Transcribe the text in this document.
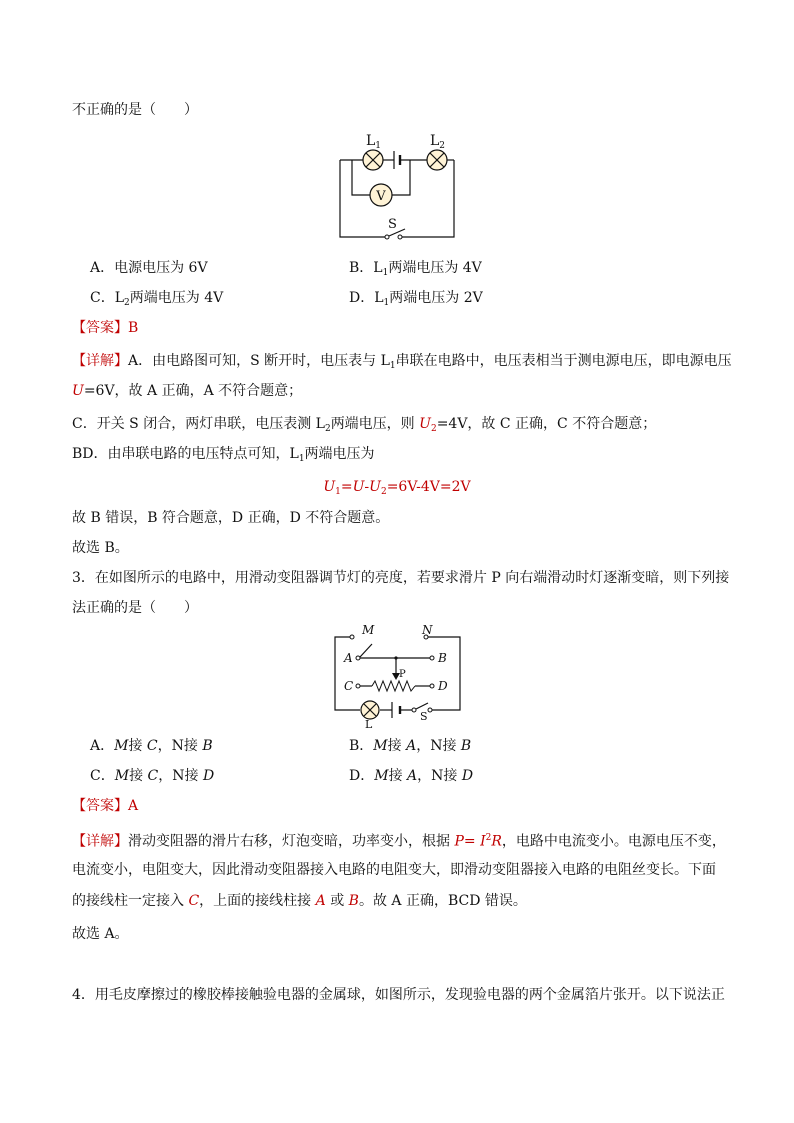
不正确的是（　　）
V
$L_1$	$L_2$
S
A．电源电压为 6V	B．$L_1$两端电压为 4V
C．$L_2$两端电压为 4V	D．$L_1$两端电压为 2V
【答案】B
【详解】A．由电路图可知，S 断开时，电压表与 $L_1$串联在电路中，电压表相当于测电源电压，即电源电压
U=6V，故 A 正确，A 不符合题意；
C．开关 S 闭合，两灯串联，电压表测 $L_2$两端电压，则 $U_2=4V$，故 C 正确，C 不符合题意；
BD．由串联电路的电压特点可知，$L_1$两端电压为
$U_1=U-U_2=6V-4V=2V$
故 B 错误，B 符合题意，D 正确，D 不符合题意。
故选 B。
3．在如图所示的电路中，用滑动变阻器调节灯的亮度，若要求滑片 P 向右端滑动时灯逐渐变暗，则下列接
法正确的是（　　）
M	N
A	B
C	D
P
L
S
A．M接 C，N接 B	B．M接 A，N接 B
C．M接 C，N接 D	D．M接 A，N接 D
【答案】A
【详解】滑动变阻器的滑片右移，灯泡变暗，功率变小，根据 $P= I^2R$，电路中电流变小。电源电压不变，
电流变小，电阻变大，因此滑动变阻器接入电路的电阻变大，即滑动变阻器接入电路的电阻丝变长。下面
的接线柱一定接入 C，上面的接线柱接 A 或 B。故 A 正确，BCD 错误。
故选 A。
4．用毛皮摩擦过的橡胶棒接触验电器的金属球，如图所示，发现验电器的两个金属箔片张开。以下说法正
